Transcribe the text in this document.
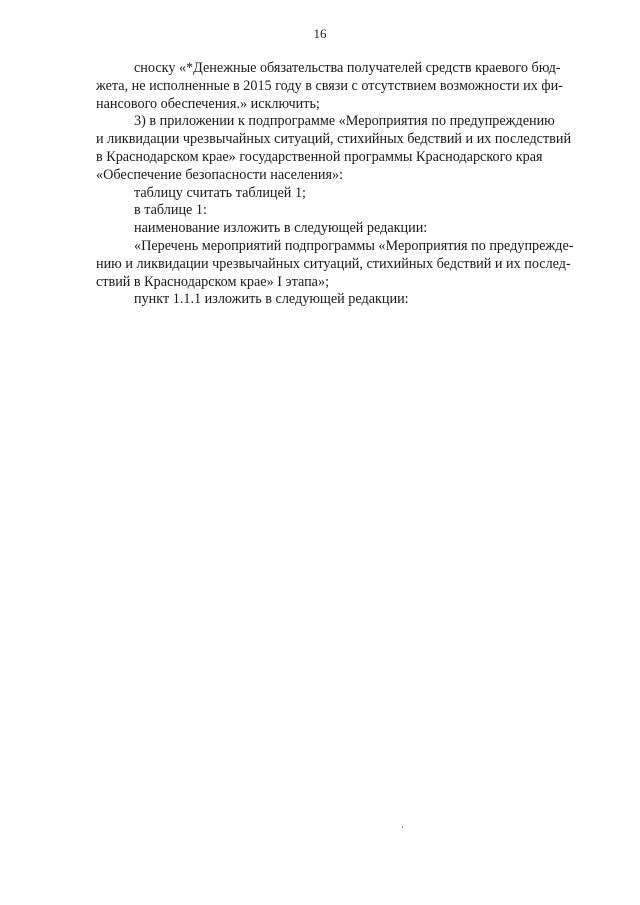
16
сноску «*Денежные обязательства получателей средств краевого бюд-
жета, не исполненные в 2015 году в связи с отсутствием возможности их фи-
нансового обеспечения.» исключить;
3) в приложении к подпрограмме «Мероприятия по предупреждению
и ликвидации чрезвычайных ситуаций, стихийных бедствий и их последствий
в Краснодарском крае» государственной программы Краснодарского края
«Обеспечение безопасности населения»:
таблицу считать таблицей 1;
в таблице 1:
наименование изложить в следующей редакции:
«Перечень мероприятий подпрограммы «Мероприятия по предупрежде-
нию и ликвидации чрезвычайных ситуаций, стихийных бедствий и их послед-
ствий в Краснодарском крае» I этапа»;
пункт 1.1.1 изложить в следующей редакции:
